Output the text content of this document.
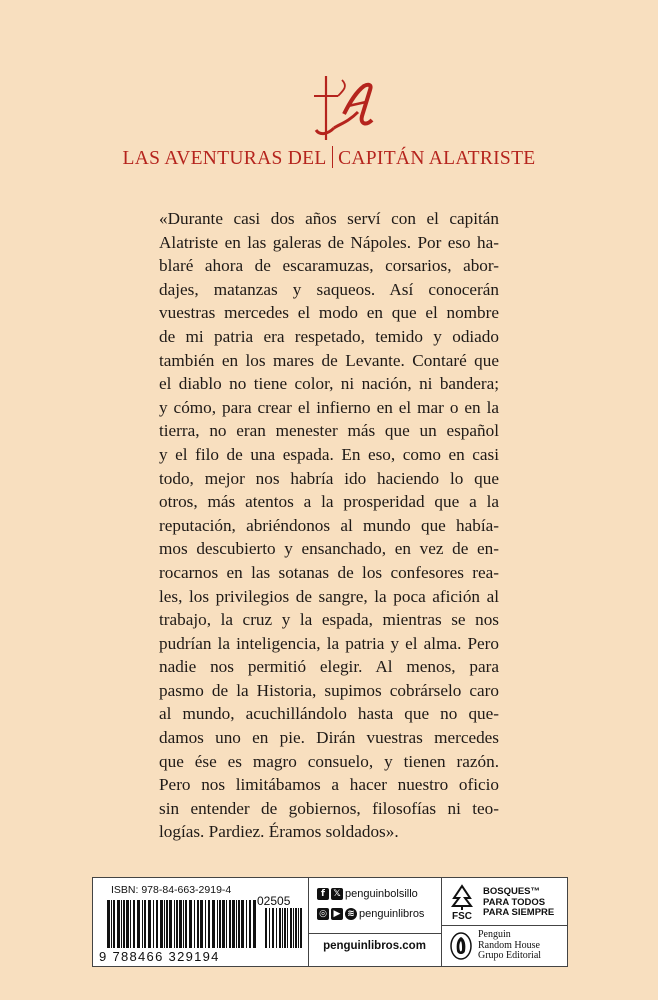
LAS AVENTURAS DEL CAPITÁN ALATRISTE
«Durante casi dos años serví con el capitán
Alatriste en las galeras de Nápoles. Por eso ha-
blaré ahora de escaramuzas, corsarios, abor-
dajes, matanzas y saqueos. Así conocerán
vuestras mercedes el modo en que el nombre
de mi patria era respetado, temido y odiado
también en los mares de Levante. Contaré que
el diablo no tiene color, ni nación, ni bandera;
y cómo, para crear el infierno en el mar o en la
tierra, no eran menester más que un español
y el filo de una espada. En eso, como en casi
todo, mejor nos habría ido haciendo lo que
otros, más atentos a la prosperidad que a la
reputación, abriéndonos al mundo que había-
mos descubierto y ensanchado, en vez de en-
rocarnos en las sotanas de los confesores rea-
les, los privilegios de sangre, la poca afición al
trabajo, la cruz y la espada, mientras se nos
pudrían la inteligencia, la patria y el alma. Pero
nadie nos permitió elegir. Al menos, para
pasmo de la Historia, supimos cobrárselo caro
al mundo, acuchillándolo hasta que no que-
damos uno en pie. Dirán vuestras mercedes
que ése es magro consuelo, y tienen razón.
Pero nos limitábamos a hacer nuestro oficio
sin entender de gobiernos, filosofías ni teo-
logías. Pardiez. Éramos soldados».
ISBN: 978-84-663-2919-4
02505
9 788466 329194
f 𝕏 penguinbolsillo
◎ ▶ ≋ penguinlibros
penguinlibros.com
FSC
BOSQUES™
PARA TODOS
PARA SIEMPRE
Penguin
Random House
Grupo Editorial
